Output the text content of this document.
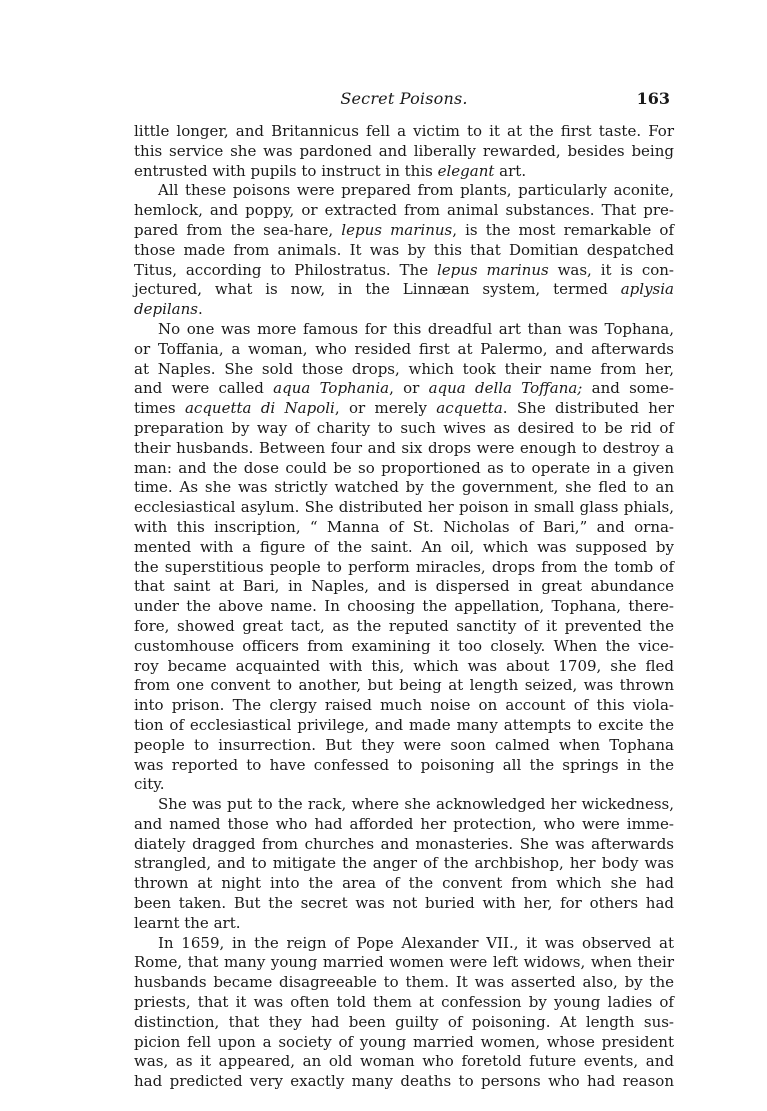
Secret Poisons.	163
little longer, and Britannicus fell a victim to it at the first taste. For
this service she was pardoned and liberally rewarded, besides being
entrusted with pupils to instruct in this elegant art.
All these poisons were prepared from plants, particularly aconite,
hemlock, and poppy, or extracted from animal substances. That pre-
pared from the sea-hare, lepus marinus, is the most remarkable of
those made from animals. It was by this that Domitian despatched
Titus, according to Philostratus. The lepus marinus was, it is con-
jectured, what is now, in the Linnæan system, termed aplysia
depilans.
No one was more famous for this dreadful art than was Tophana,
or Toffania, a woman, who resided first at Palermo, and afterwards
at Naples. She sold those drops, which took their name from her,
and were called aqua Tophania, or aqua della Toffana; and some-
times acquetta di Napoli, or merely acquetta. She distributed her
preparation by way of charity to such wives as desired to be rid of
their husbands. Between four and six drops were enough to destroy a
man: and the dose could be so proportioned as to operate in a given
time. As she was strictly watched by the government, she fled to an
ecclesiastical asylum. She distributed her poison in small glass phials,
with this inscription, “ Manna of St. Nicholas of Bari,” and orna-
mented with a figure of the saint. An oil, which was supposed by
the superstitious people to perform miracles, drops from the tomb of
that saint at Bari, in Naples, and is dispersed in great abundance
under the above name. In choosing the appellation, Tophana, there-
fore, showed great tact, as the reputed sanctity of it prevented the
customhouse officers from examining it too closely. When the vice-
roy became acquainted with this, which was about 1709, she fled
from one convent to another, but being at length seized, was thrown
into prison. The clergy raised much noise on account of this viola-
tion of ecclesiastical privilege, and made many attempts to excite the
people to insurrection. But they were soon calmed when Tophana
was reported to have confessed to poisoning all the springs in the
city.
She was put to the rack, where she acknowledged her wickedness,
and named those who had afforded her protection, who were imme-
diately dragged from churches and monasteries. She was afterwards
strangled, and to mitigate the anger of the archbishop, her body was
thrown at night into the area of the convent from which she had
been taken. But the secret was not buried with her, for others had
learnt the art.
In 1659, in the reign of Pope Alexander VII., it was observed at
Rome, that many young married women were left widows, when their
husbands became disagreeable to them. It was asserted also, by the
priests, that it was often told them at confession by young ladies of
distinction, that they had been guilty of poisoning. At length sus-
picion fell upon a society of young married women, whose president
was, as it appeared, an old woman who foretold future events, and
had predicted very exactly many deaths to persons who had reason
